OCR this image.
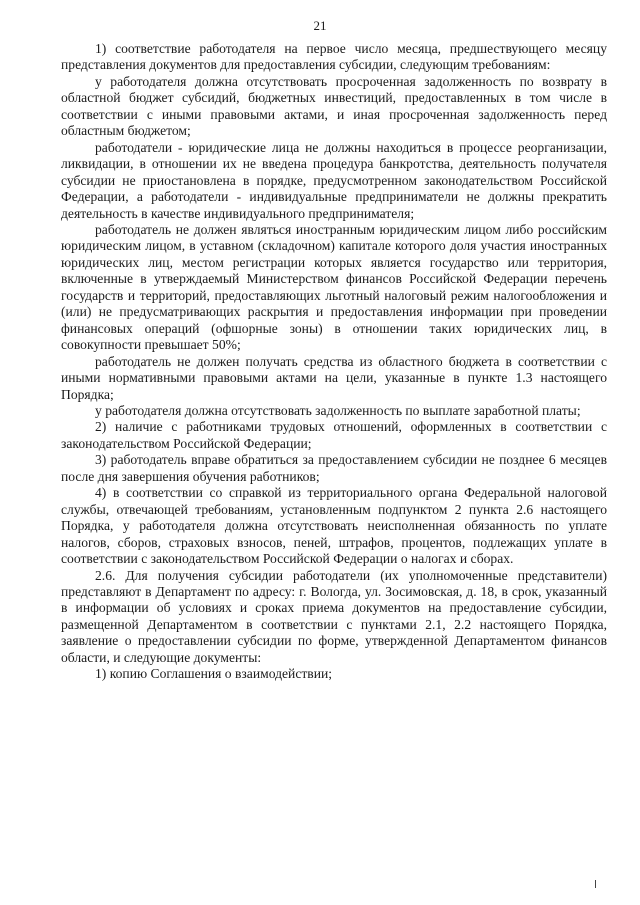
21

1) соответствие работодателя на первое число месяца, предшествующего месяцу представления документов для предоставления субсидии, следующим требованиям:

у работодателя должна отсутствовать просроченная задолженность по возврату в областной бюджет субсидий, бюджетных инвестиций, предоставленных в том числе в соответствии с иными правовыми актами, и иная просроченная задолженность перед областным бюджетом;

работодатели - юридические лица не должны находиться в процессе реорганизации, ликвидации, в отношении их не введена процедура банкротства, деятельность получателя субсидии не приостановлена в порядке, предусмотренном законодательством Российской Федерации, а работодатели - индивидуальные предприниматели не должны прекратить деятельность в качестве индивидуального предпринимателя;

работодатель не должен являться иностранным юридическим лицом либо российским юридическим лицом, в уставном (складочном) капитале которого доля участия иностранных юридических лиц, местом регистрации которых является государство или территория, включенные в утверждаемый Министерством финансов Российской Федерации перечень государств и территорий, предоставляющих льготный налоговый режим налогообложения и (или) не предусматривающих раскрытия и предоставления информации при проведении финансовых операций (офшорные зоны) в отношении таких юридических лиц, в совокупности превышает 50%;

работодатель не должен получать средства из областного бюджета в соответствии с иными нормативными правовыми актами на цели, указанные в пункте 1.3 настоящего Порядка;

у работодателя должна отсутствовать задолженность по выплате заработной платы;

2) наличие с работниками трудовых отношений, оформленных в соответствии с законодательством Российской Федерации;

3) работодатель вправе обратиться за предоставлением субсидии не позднее 6 месяцев после дня завершения обучения работников;

4) в соответствии со справкой из территориального органа Федеральной налоговой службы, отвечающей требованиям, установленным подпунктом 2 пункта 2.6 настоящего Порядка, у работодателя должна отсутствовать неисполненная обязанность по уплате налогов, сборов, страховых взносов, пеней, штрафов, процентов, подлежащих уплате в соответствии с законодательством Российской Федерации о налогах и сборах.

2.6. Для получения субсидии работодатели (их уполномоченные представители) представляют в Департамент по адресу: г. Вологда, ул. Зосимовская, д. 18, в срок, указанный в информации об условиях и сроках приема документов на предоставление субсидии, размещенной Департаментом в соответствии с пунктами 2.1, 2.2 настоящего Порядка, заявление о предоставлении субсидии по форме, утвержденной Департаментом финансов области, и следующие документы:

1) копию Соглашения о взаимодействии;
